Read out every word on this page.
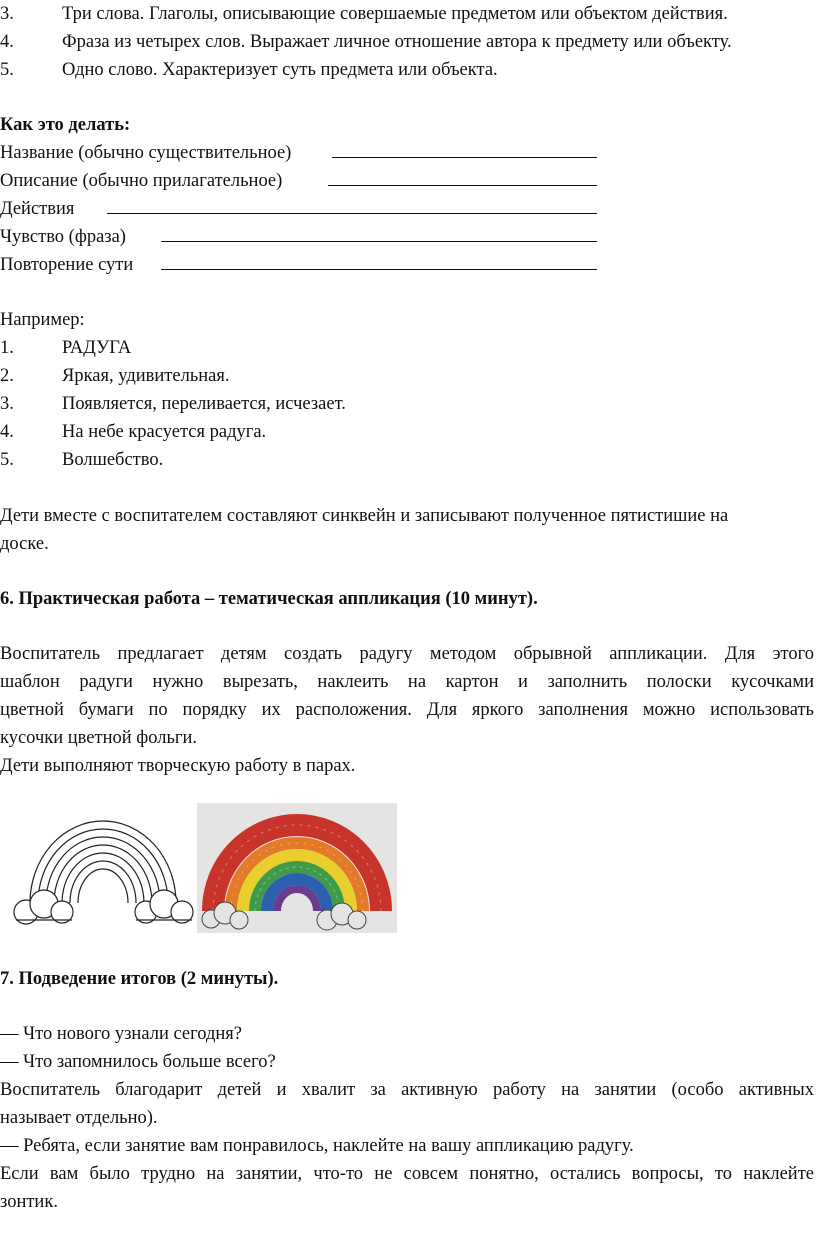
3.	Три слова. Глаголы, описывающие совершаемые предметом или объектом действия.
4.	Фраза из четырех слов. Выражает личное отношение автора к предмету или объекту.
5.	Одно слово. Характеризует суть предмета или объекта.
Как это делать:
Название (обычно существительное)
Описание (обычно прилагательное)
Действия
Чувство (фраза)
Повторение сути
Например:
1.	РАДУГА
2.	Яркая, удивительная.
3.	Появляется, переливается, исчезает.
4.	На небе красуется радуга.
5.	Волшебство.
Дети вместе с воспитателем составляют синквейн и записывают полученное пятистишие на
доске.
6. Практическая работа – тематическая аппликация (10 минут).
Воспитатель предлагает детям создать радугу методом обрывной аппликации. Для этого
шаблон радуги нужно вырезать, наклеить на картон и заполнить полоски кусочками
цветной бумаги по порядку их расположения. Для яркого заполнения можно использовать
кусочки цветной фольги.
Дети выполняют творческую работу в парах.
7. Подведение итогов (2 минуты).
— Что нового узнали сегодня?
— Что запомнилось больше всего?
Воспитатель благодарит детей и хвалит за активную работу на занятии (особо активных
называет отдельно).
— Ребята, если занятие вам понравилось, наклейте на вашу аппликацию радугу.
Если вам было трудно на занятии, что-то не совсем понятно, остались вопросы, то наклейте
зонтик.
